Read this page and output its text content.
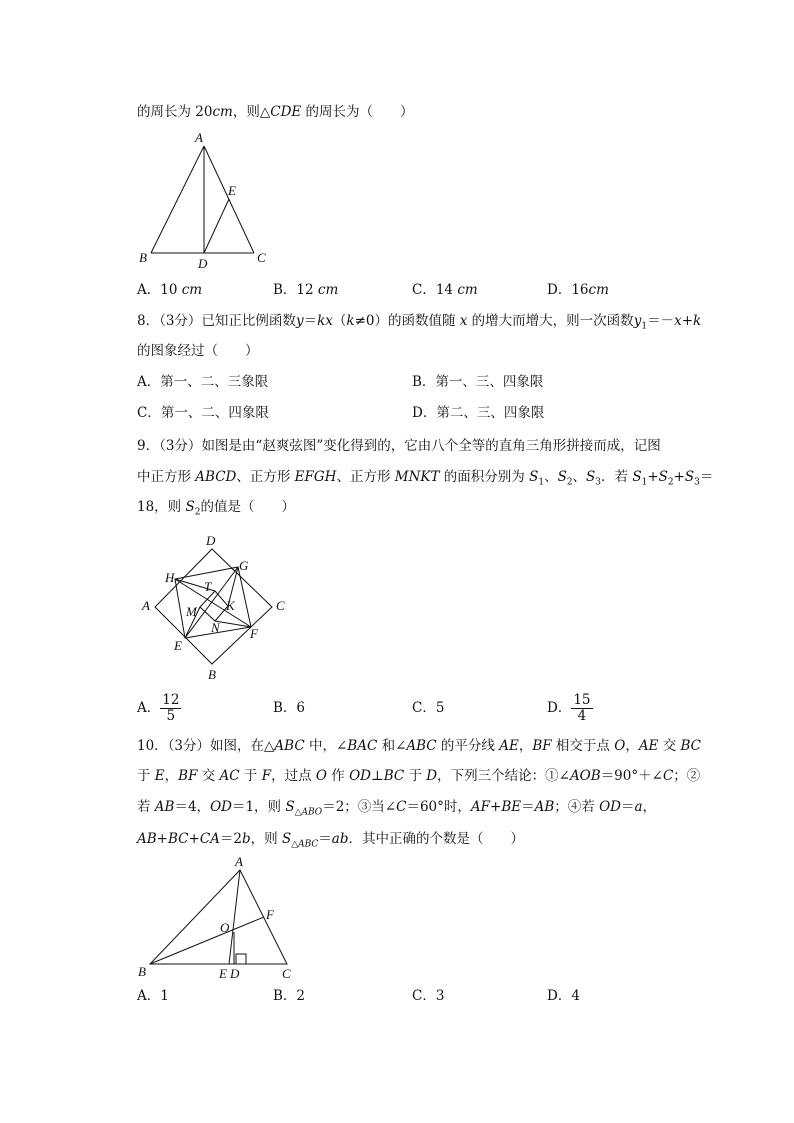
的周长为 20cm，则△CDE 的周长为（　　）
A
B	C
D
E
A．10 cm	B．12 cm	C．14 cm	D．16cm
8．（3分）已知正比例函数y＝kx（k≠0）的函数值随 x 的增大而增大，则一次函数$y_1=-x+k$
的图象经过（　　）
A．第一、二、三象限	B．第一、三、四象限
C．第一、二、四象限	D．第二、三、四象限
9．（3分）如图是由“赵爽弦图”变化得到的，它由八个全等的直角三角形拼接而成，记图
中正方形 ABCD、正方形 EFGH、正方形 MNKT 的面积分别为 $S_1$、$S_2$、$S_3$．若 $S_1+S_2+S_3=$
18，则 $S_2$的值是（　　）
D
G
H
T
A	K	C
M
N F
E
B
A． $\frac{12}{5}$	B．6	C．5	D． $\frac{15}{4}$
10．（3分）如图，在△ABC 中，∠BAC 和∠ABC 的平分线 AE，BF 相交于点 O，AE 交 BC
于 E，BF 交 AC 于 F，过点 O 作 OD⊥BC 于 D，下列三个结论：①∠AOB＝90°＋∠C；②
若 AB＝4，OD＝1，则 $S_{\triangle ABO}=2$；③当∠C＝60°时，AF+BE＝AB；④若 OD＝a，
AB+BC+CA＝2b，则 $S_{\triangle ABC}=ab$．其中正确的个数是（　　）
A
F
O
B	E D	C
A．1	B．2	C．3	D．4
